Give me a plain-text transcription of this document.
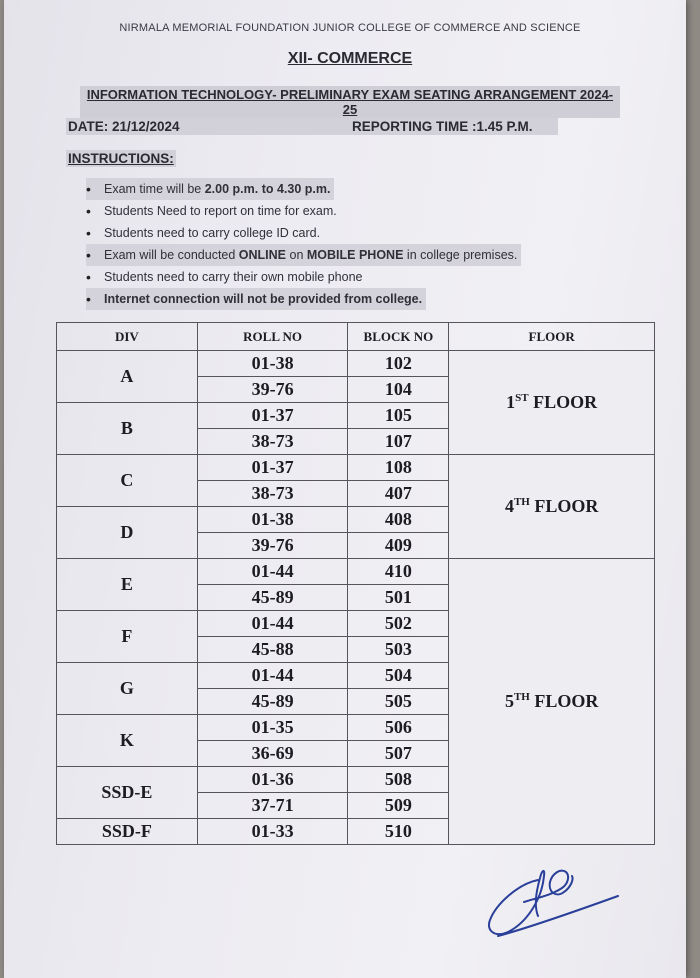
NIRMALA MEMORIAL FOUNDATION JUNIOR COLLEGE OF COMMERCE AND SCIENCE
XII- COMMERCE
INFORMATION TECHNOLOGY- PRELIMINARY EXAM SEATING ARRANGEMENT 2024-25
DATE: 21/12/2024	REPORTING TIME :1.45 P.M.
INSTRUCTIONS:
• Exam time will be 2.00 p.m. to 4.30 p.m.
• Students Need to report on time for exam.
• Students need to carry college ID card.
• Exam will be conducted ONLINE on MOBILE PHONE in college premises.
• Students need to carry their own mobile phone
• Internet connection will not be provided from college.
DIV	ROLL NO	BLOCK NO	FLOOR
A	01-38	102	1ST FLOOR
	39-76	104	
B	01-37	105	
	38-73	107	
C	01-37	108	4TH FLOOR
	38-73	407	
D	01-38	408	
	39-76	409	
E	01-44	410	5TH FLOOR
	45-89	501	
F	01-44	502	
	45-88	503	
G	01-44	504	
	45-89	505	
K	01-35	506	
	36-69	507	
SSD-E	01-36	508	
	37-71	509	
SSD-F	01-33	510	
